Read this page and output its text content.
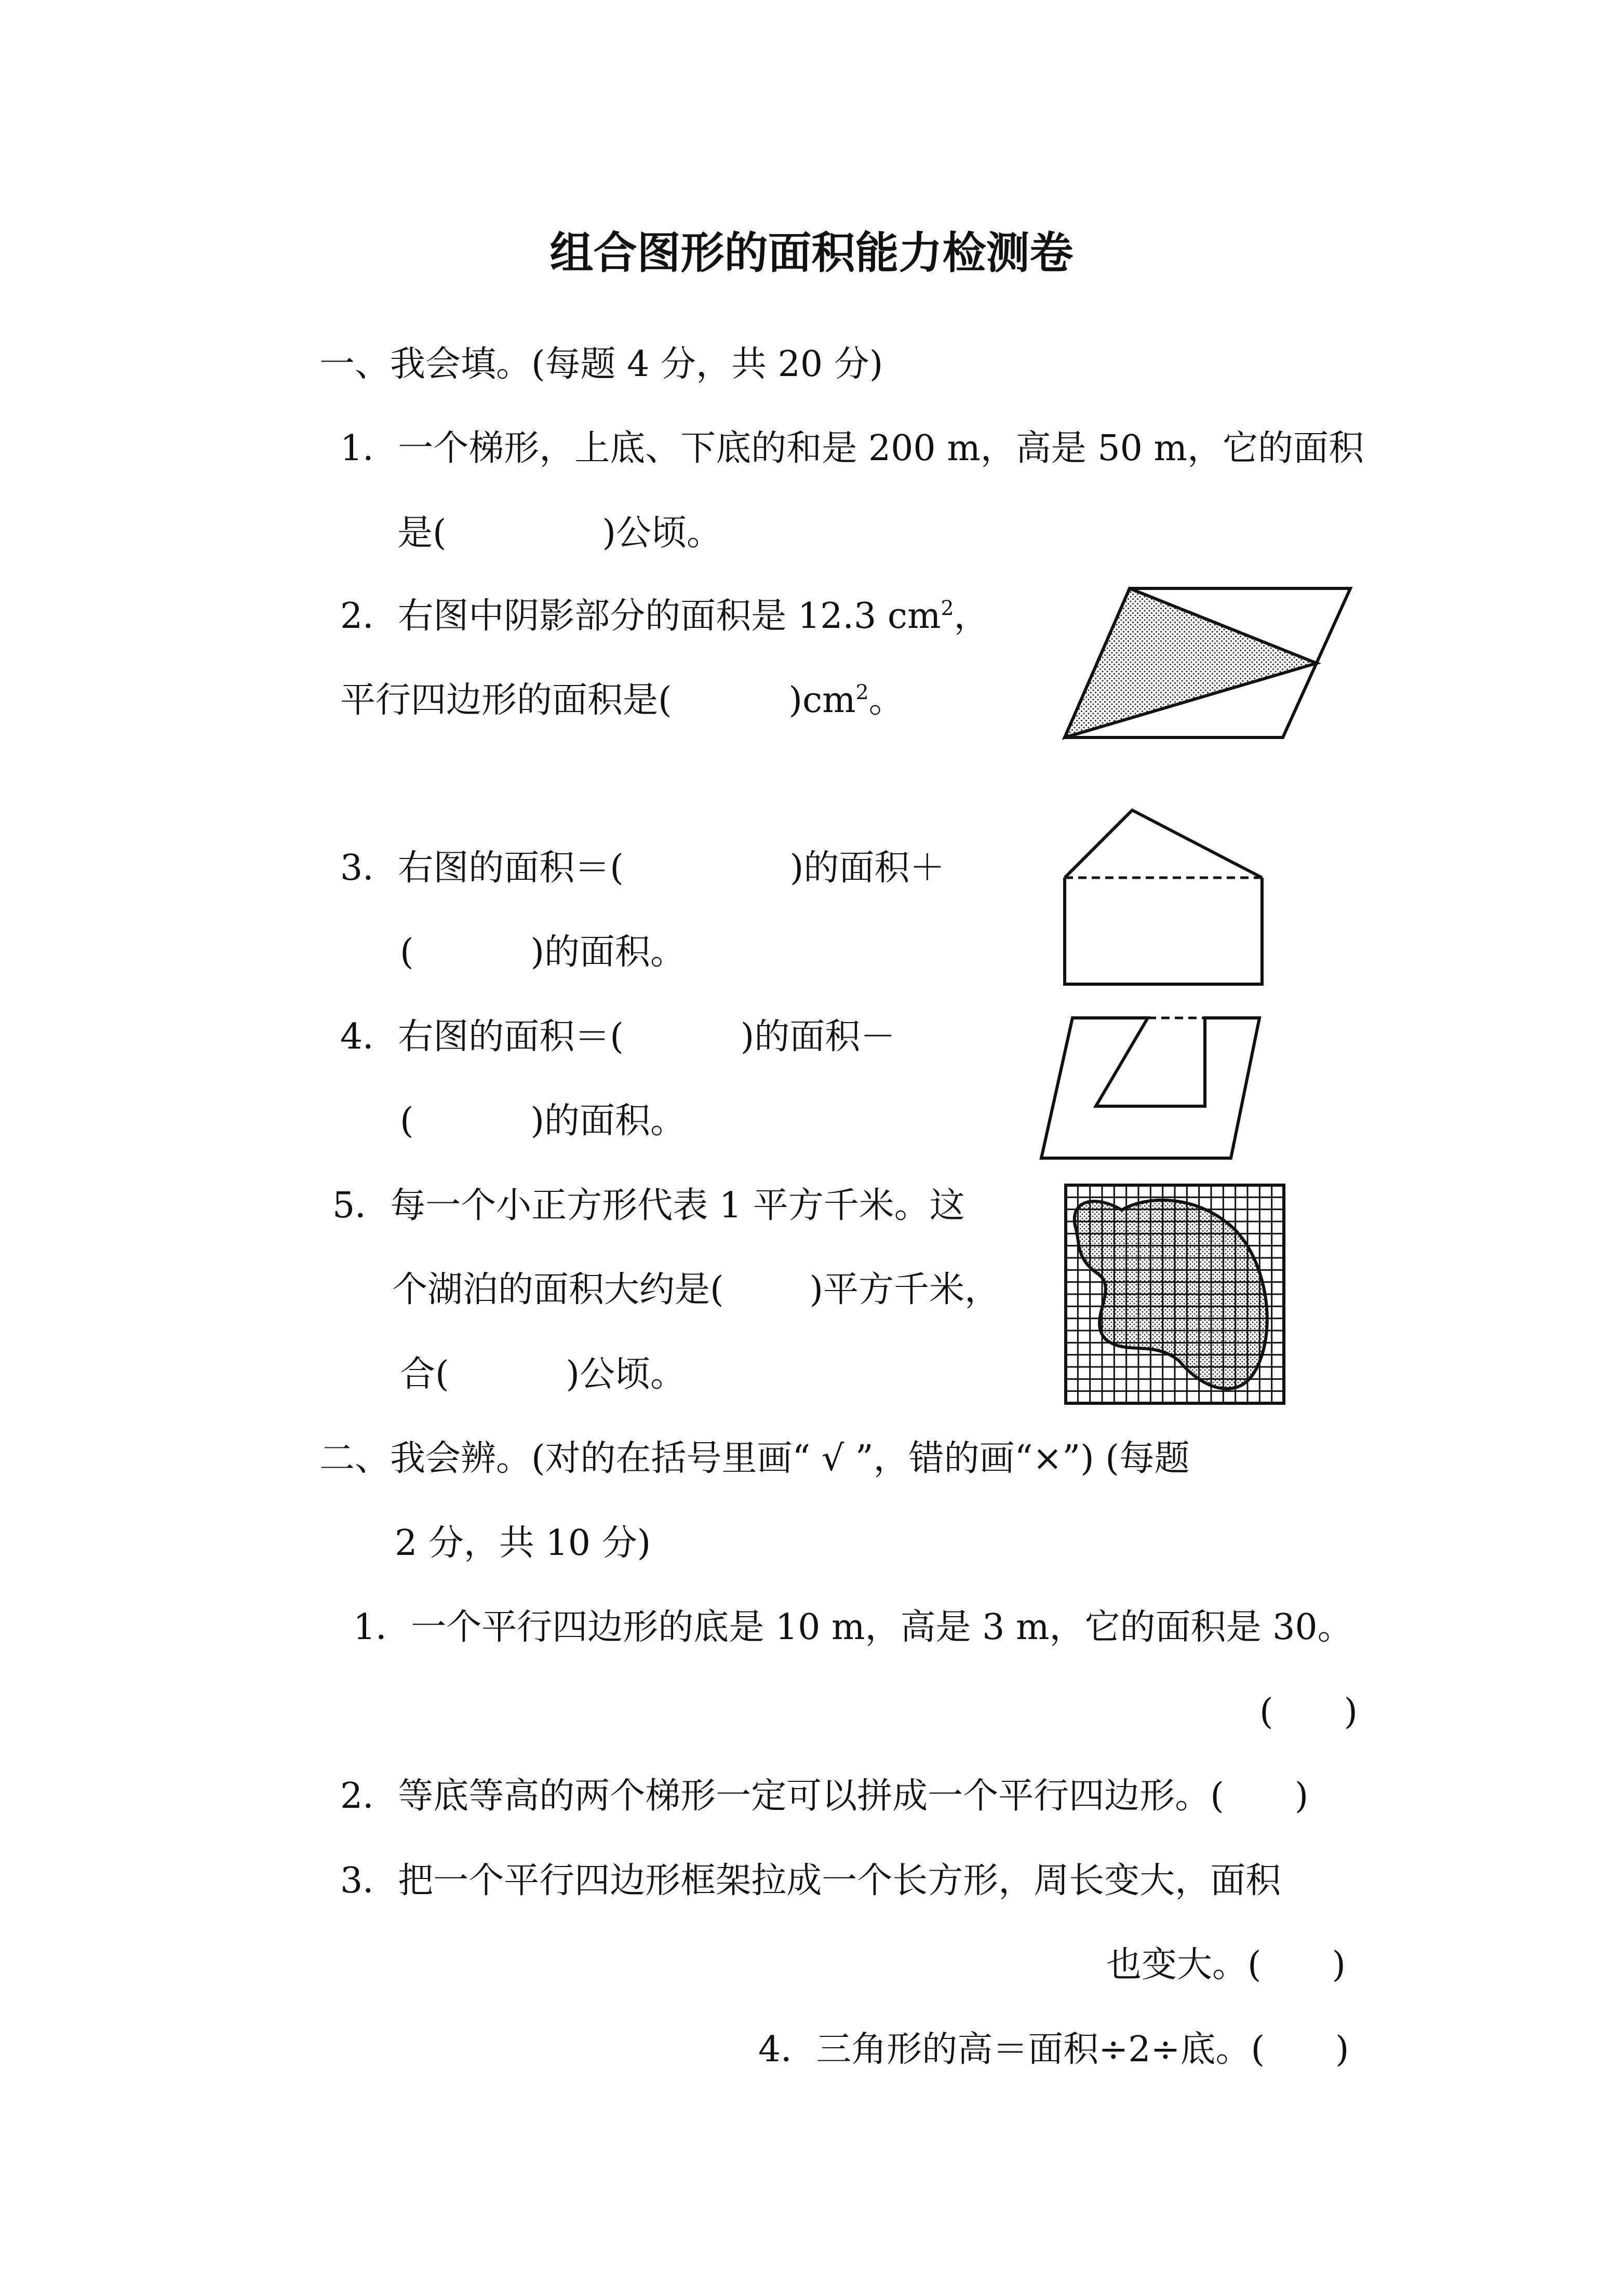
组合图形的面积能力检测卷
一、我会填。(每题 4 分，共 20 分)
1．一个梯形，上底、下底的和是 200 m，高是 50 m，它的面积
是(	)公顷。
2．右图中阴影部分的面积是 12.3 $cm^2$，
平行四边形的面积是(	)$cm^2$。
3．右图的面积＝(	)的面积＋
(	)的面积。
4．右图的面积＝(	)的面积－
(	)的面积。
5．每一个小正方形代表 1 平方千米。这
个湖泊的面积大约是( )平方千米，
合(	)公顷。
二、我会辨。(对的在括号里画“ √ ”，错的画“×”) (每题
2 分，共 10 分)
1．一个平行四边形的底是 10 m，高是 3 m，它的面积是 30。
(　　)
2．等底等高的两个梯形一定可以拼成一个平行四边形。(　　)
3．把一个平行四边形框架拉成一个长方形，周长变大，面积
也变大。(　　)
4．三角形的高＝面积÷2÷底。(　　)
